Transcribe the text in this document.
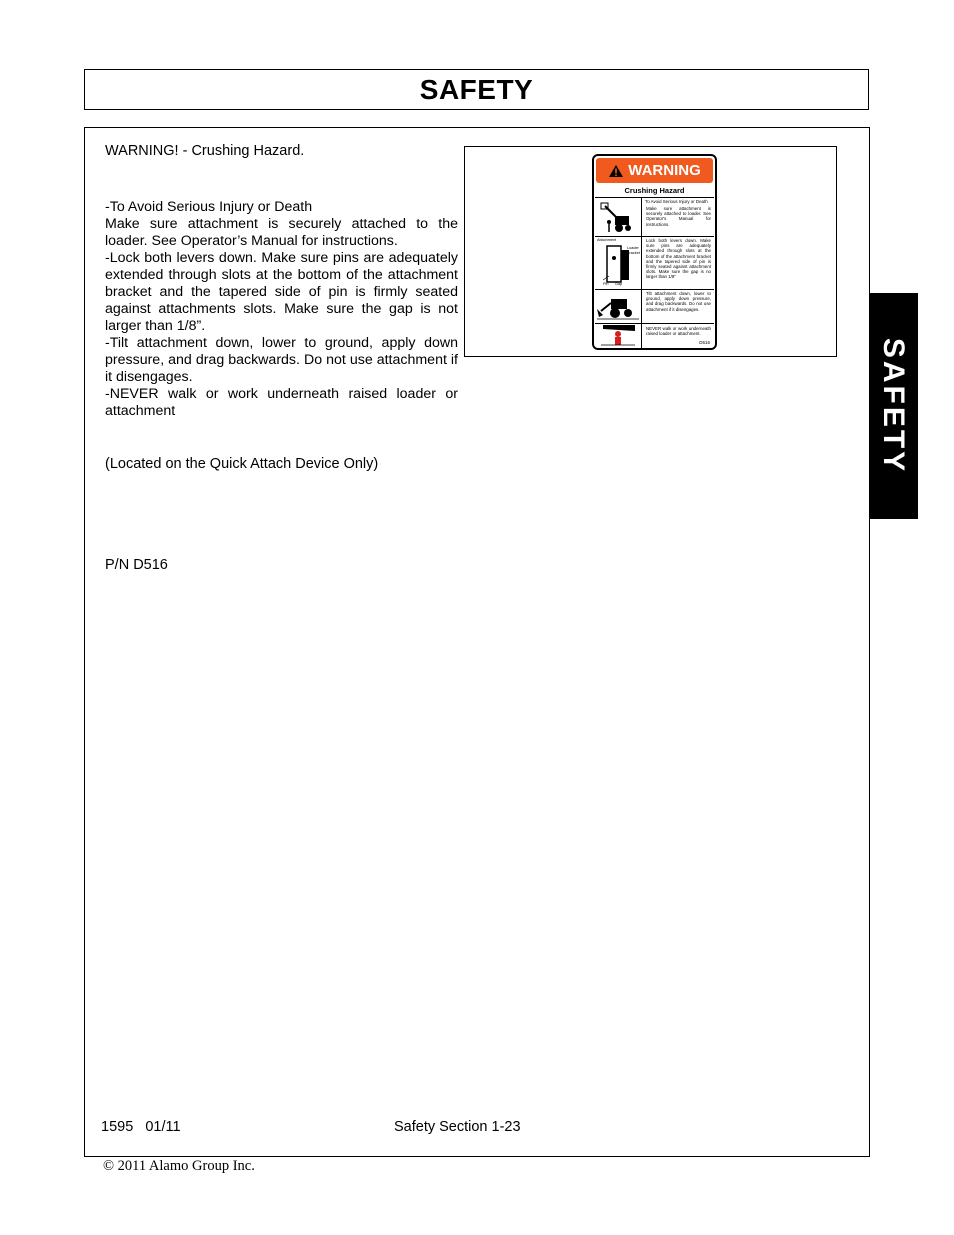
SAFETY
SAFETY
WARNING! - Crushing Hazard.

-To Avoid Serious Injury or Death

Make sure attachment is securely attached to the loader. See Operator’s Manual for instructions.

-Lock both levers down. Make sure pins are adequately extended through slots at the bottom of the attachment bracket and the tapered side of pin is firmly seated against attachments slots. Make sure the gap is not larger than 1/8”.

-Tilt attachment down, lower to ground, apply down pressure, and drag backwards. Do not use attachment if it disengages.

-NEVER walk or work underneath raised loader or attachment

(Located on the Quick Attach Device Only)
P/N D516
WARNING
Crushing Hazard
To Avoid Serious Injury or Death
Make sure attachment is securely attached to loader. See Operator's Manual for instructions.
Attachment
Loader
Bracket
Pin Gap
Lock both levers down. Make sure pins are adequately extended through slots at the bottom of the attachment bracket and the tapered side of pin is firmly seated against attachment slots. Make sure the gap is no larger than 1/8"
Tilt attachment down, lower to ground, apply down pressure, and drag backwards. Do not use attachment if it disengages.
NEVER walk or work underneath raised loader or attachment.
D516
1595   01/11	Safety Section 1-23
© 2011 Alamo Group Inc.
